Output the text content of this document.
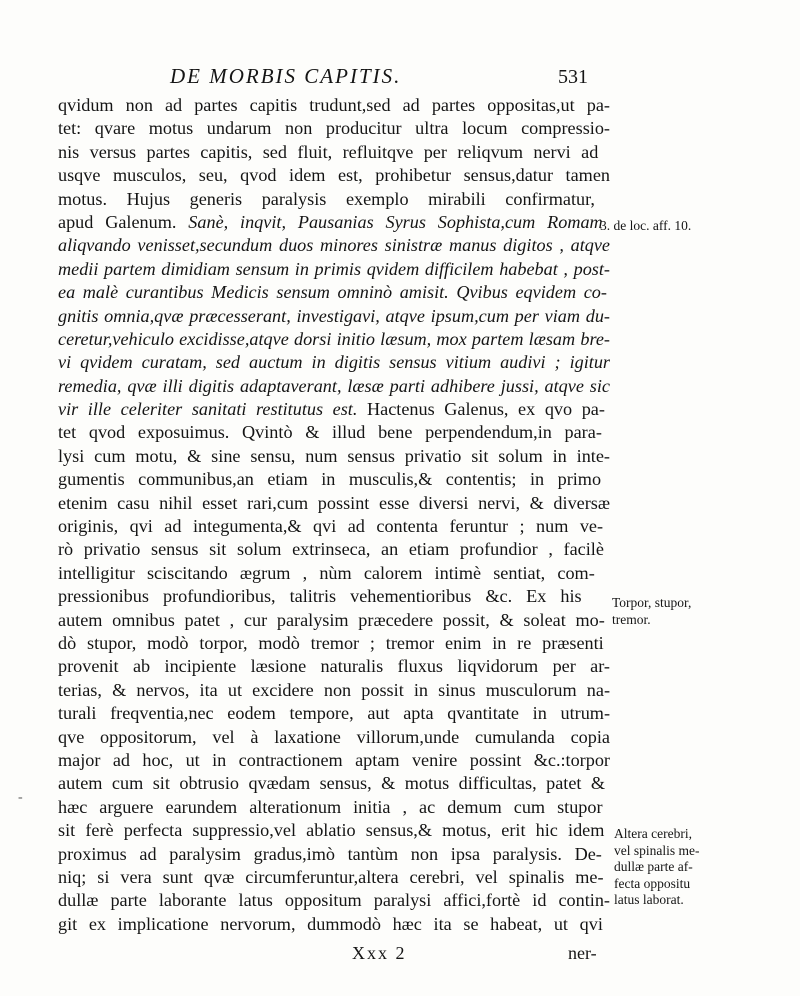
DE MORBIS CAPITIS.	531
qvidum non ad partes capitis trudunt,sed ad partes oppositas,ut pa-
tet: qvare motus undarum non producitur ultra locum compressio-
nis versus partes capitis, sed fluit, refluitqve per reliqvum nervi ad
usqve musculos, seu, qvod idem est, prohibetur sensus,datur tamen
motus. Hujus generis paralysis exemplo mirabili confirmatur,
apud Galenum. Sanè, inqvit, Pausanias Syrus Sophista,cum Romam
aliqvando venisset,secundum duos minores sinistræ manus digitos , atqve
medii partem dimidiam sensum in primis qvidem difficilem habebat , post-
ea malè curantibus Medicis sensum omninò amisit. Qvibus eqvidem co-
gnitis omnia,qvæ præcesserant, investigavi, atqve ipsum,cum per viam du-
ceretur,vehiculo excidisse,atqve dorsi initio læsum, mox partem læsam bre-
vi qvidem curatam, sed auctum in digitis sensus vitium audivi ; igitur
remedia, qvæ illi digitis adaptaverant, læsæ parti adhibere jussi, atqve sic
vir ille celeriter sanitati restitutus est. Hactenus Galenus, ex qvo pa-
tet qvod exposuimus. Qvintò & illud bene perpendendum,in para-
lysi cum motu, & sine sensu, num sensus privatio sit solum in inte-
gumentis communibus,an etiam in musculis,& contentis; in primo
etenim casu nihil esset rari,cum possint esse diversi nervi, & diversæ
originis, qvi ad integumenta,& qvi ad contenta feruntur ; num ve-
rò privatio sensus sit solum extrinseca, an etiam profundior , facilè
intelligitur sciscitando ægrum , nùm calorem intimè sentiat, com-
pressionibus profundioribus, talitris vehementioribus &c. Ex his
autem omnibus patet , cur paralysim præcedere possit, & soleat mo-
dò stupor, modò torpor, modò tremor ; tremor enim in re præsenti
provenit ab incipiente læsione naturalis fluxus liqvidorum per ar-
terias, & nervos, ita ut excidere non possit in sinus musculorum na-
turali freqventia,nec eodem tempore, aut apta qvantitate in utrum-
qve oppositorum, vel à laxatione villorum,unde cumulanda copia
major ad hoc, ut in contractionem aptam venire possint &c.:torpor
autem cum sit obtrusio qvædam sensus, & motus difficultas, patet &
hæc arguere earundem alterationum initia , ac demum cum stupor
sit ferè perfecta suppressio,vel ablatio sensus,& motus, erit hic idem
proximus ad paralysim gradus,imò tantùm non ipsa paralysis. De-
niq; si vera sunt qvæ circumferuntur,altera cerebri, vel spinalis me-
dullæ parte laborante latus oppositum paralysi affici,fortè id contin-
git ex implicatione nervorum, dummodò hæc ita se habeat, ut qvi
3. de loc. aff. 10.
Torpor, stupor,
tremor.
Altera cerebri,
vel spinalis me-
dullæ parte af-
fecta oppositu
latus laborat.
-
Xxx 2	ner-
